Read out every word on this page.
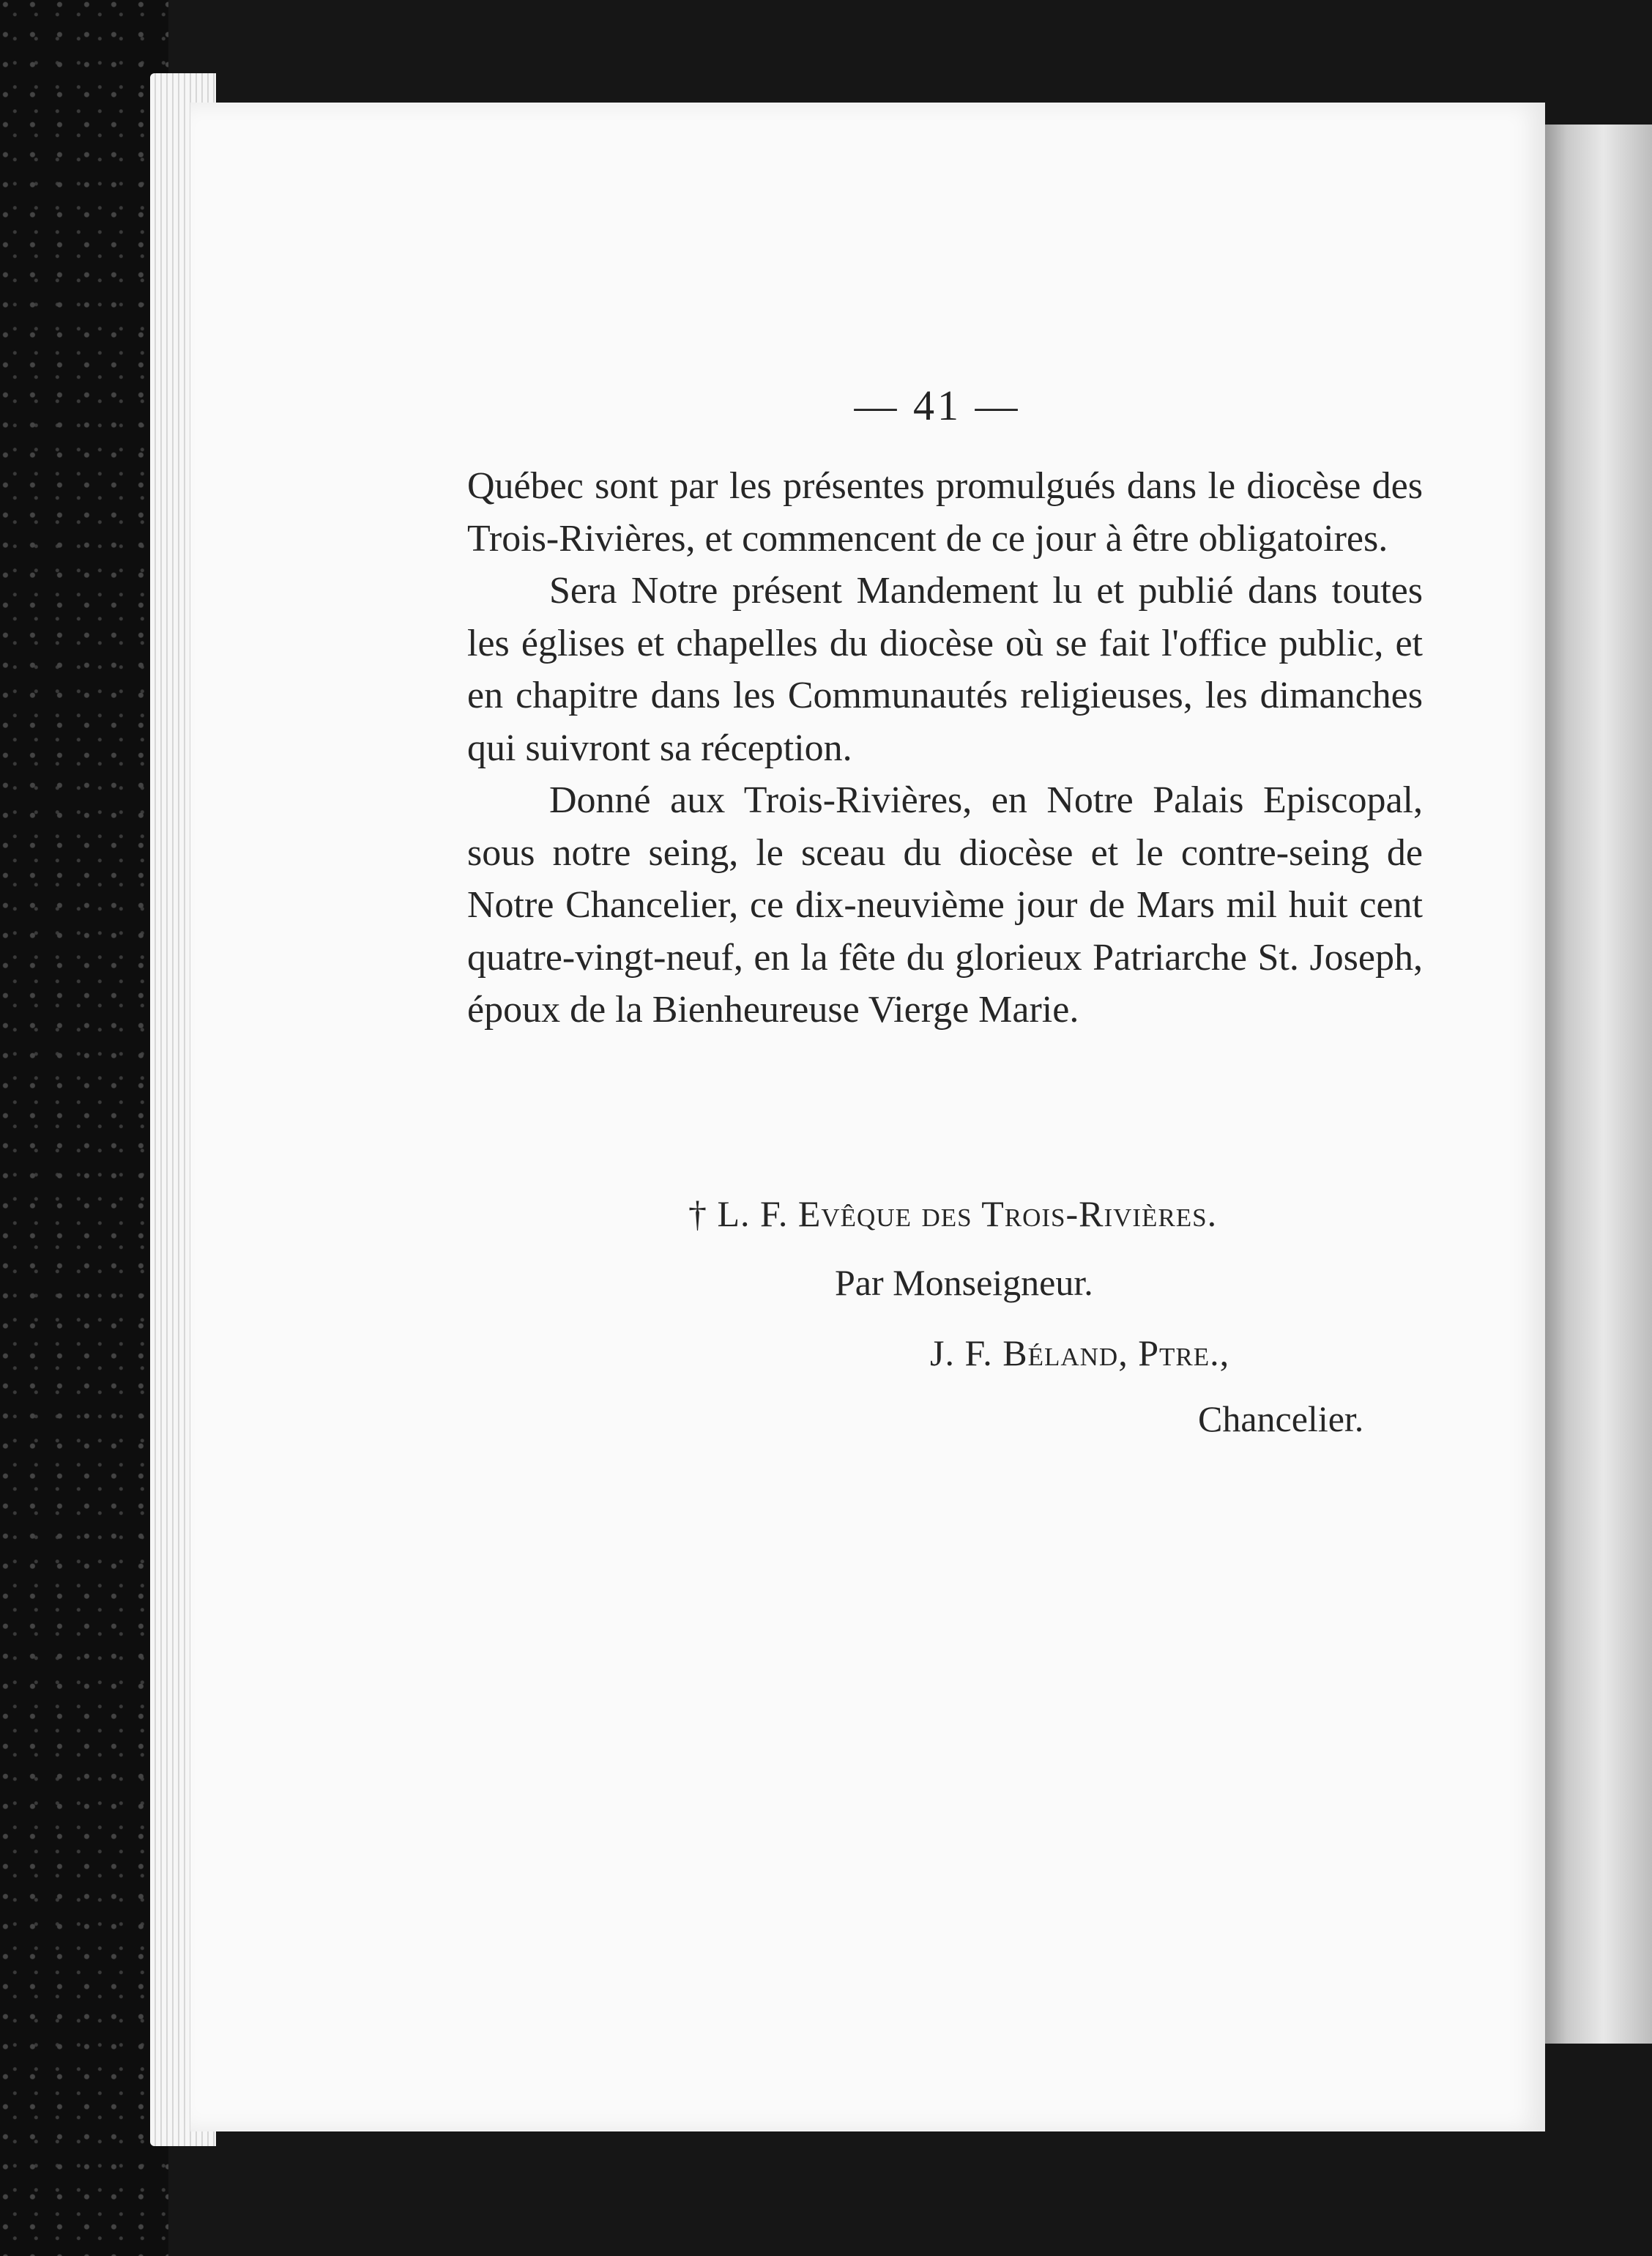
— 41 —

Québec sont par les présentes promulgués dans le diocèse des Trois-Rivières, et commencent de ce jour à être obligatoires.

Sera Notre présent Mandement lu et publié dans toutes les églises et chapelles du diocèse où se fait l'office public, et en chapitre dans les Communautés religieuses, les dimanches qui suivront sa réception.

Donné aux Trois-Rivières, en Notre Palais Episcopal, sous notre seing, le sceau du diocèse et le contre-seing de Notre Chancelier, ce dix-neuvième jour de Mars mil huit cent quatre-vingt-neuf, en la fête du glorieux Patriarche St. Joseph, époux de la Bienheureuse Vierge Marie.

† L. F. Evêque des Trois-Rivières.
Par Monseigneur.
J. F. Béland, Ptre.,
Chancelier.
